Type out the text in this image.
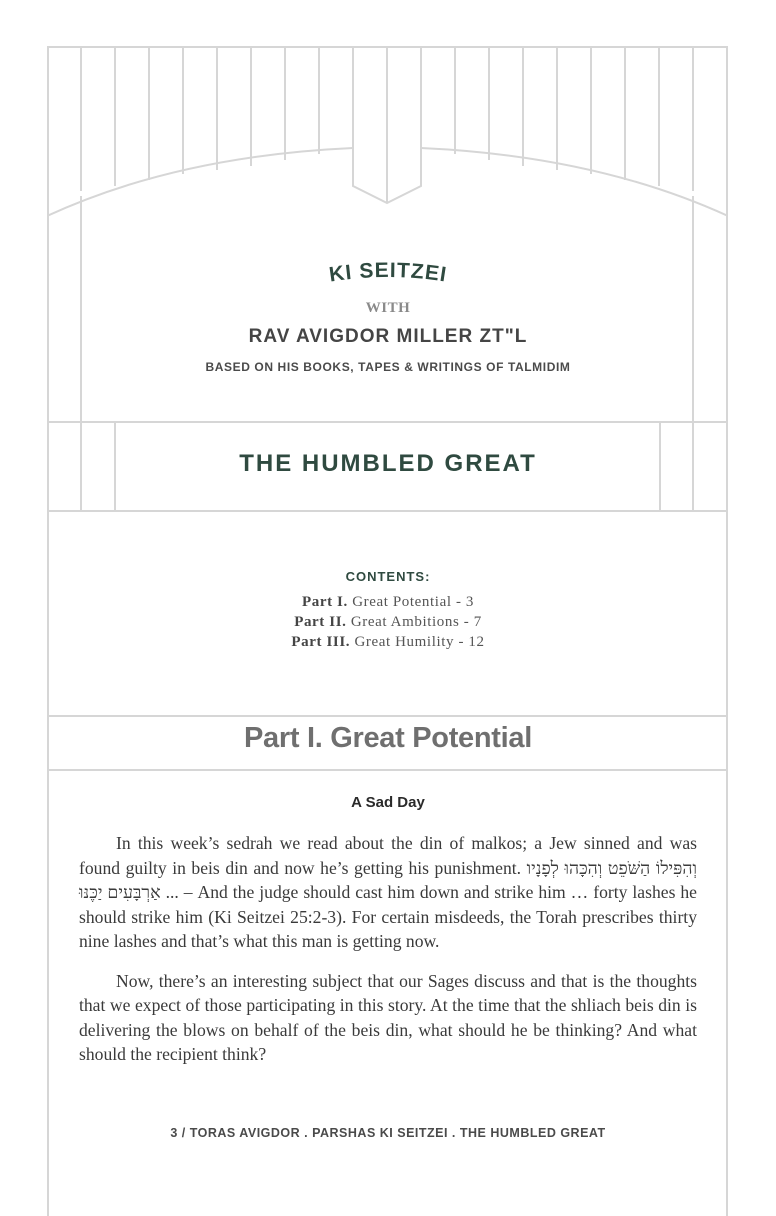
KI SEITZEI
WITH
RAV AVIGDOR MILLER ZT"L
BASED ON HIS BOOKS, TAPES & WRITINGS OF TALMIDIM
THE HUMBLED GREAT
CONTENTS:
Part I. Great Potential - 3
Part II. Great Ambitions - 7
Part III. Great Humility - 12
Part I. Great Potential
A Sad Day

In this week’s sedrah we read about the din of malkos; a Jew sinned and was found guilty in beis din and now he’s getting his punishment. וְהִפִּילוֹ הַשֹּׁפֵט וְהִכָּהוּ לְפָנָיו ... אַרְבָּעִים יַכֶּנּוּ – And the judge should cast him down and strike him … forty lashes he should strike him (Ki Seitzei 25:2-3). For certain misdeeds, the Torah prescribes thirty nine lashes and that’s what this man is getting now.

Now, there’s an interesting subject that our Sages discuss and that is the thoughts that we expect of those participating in this story. At the time that the shliach beis din is delivering the blows on behalf of the beis din, what should he be thinking? And what should the recipient think?

3 / TORAS AVIGDOR . PARSHAS KI SEITZEI . THE HUMBLED GREAT
